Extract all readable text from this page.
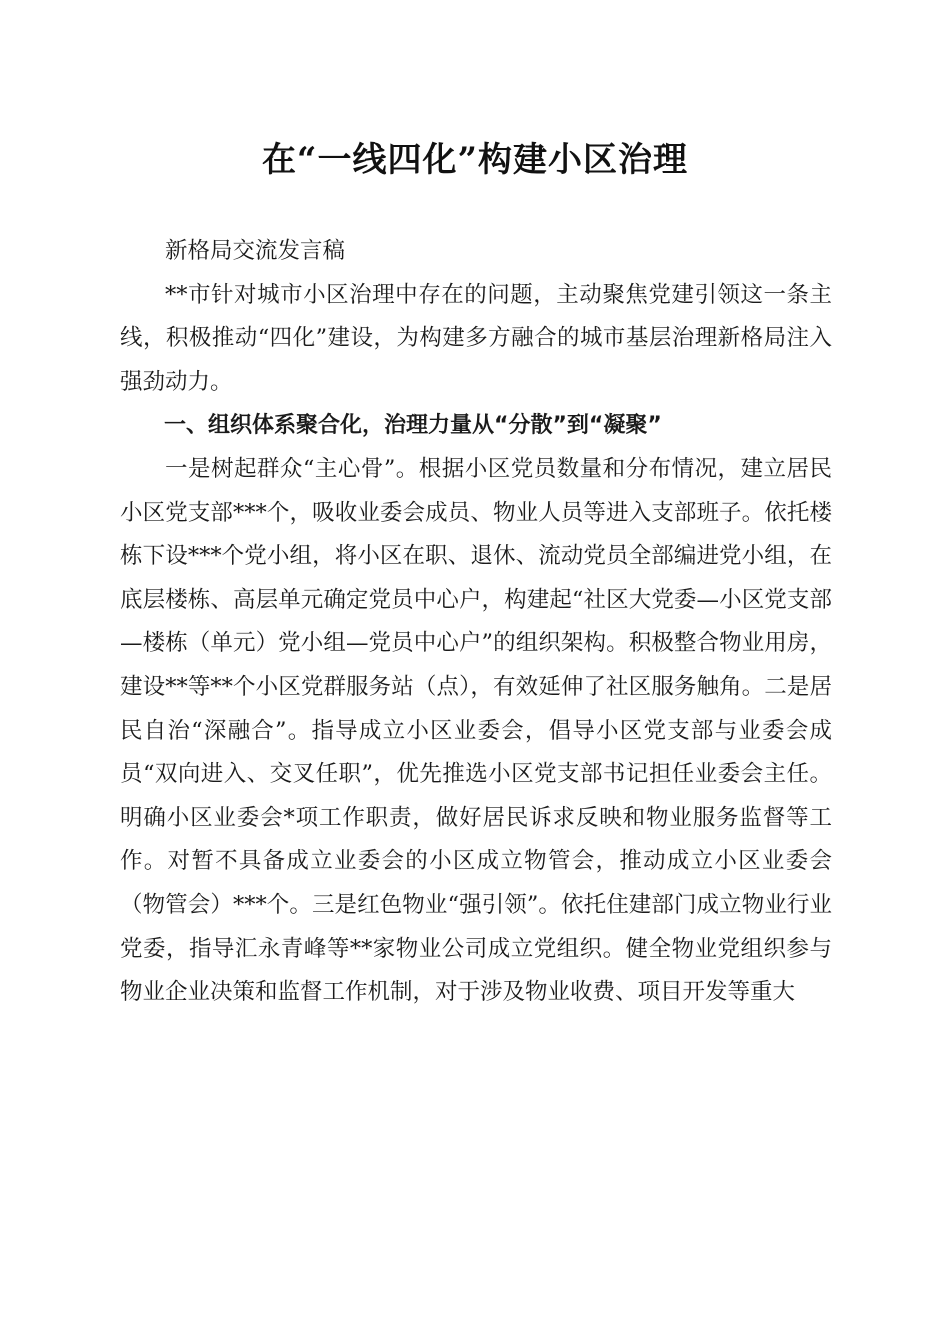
在“一线四化”构建小区治理

新格局交流发言稿

**市针对城市小区治理中存在的问题，主动聚焦党建引领这一条主线，积极推动“四化”建设，为构建多方融合的城市基层治理新格局注入强劲动力。

一、组织体系聚合化，治理力量从“分散”到“凝聚”

一是树起群众“主心骨”。根据小区党员数量和分布情况，建立居民小区党支部***个，吸收业委会成员、物业人员等进入支部班子。依托楼栋下设***个党小组，将小区在职、退休、流动党员全部编进党小组，在底层楼栋、高层单元确定党员中心户，构建起“社区大党委—小区党支部—楼栋（单元）党小组—党员中心户”的组织架构。积极整合物业用房，建设**等**个小区党群服务站（点），有效延伸了社区服务触角。二是居民自治“深融合”。指导成立小区业委会，倡导小区党支部与业委会成员“双向进入、交叉任职”，优先推选小区党支部书记担任业委会主任。明确小区业委会*项工作职责，做好居民诉求反映和物业服务监督等工作。对暂不具备成立业委会的小区成立物管会，推动成立小区业委会（物管会）***个。三是红色物业“强引领”。依托住建部门成立物业行业党委，指导汇永青峰等**家物业公司成立党组织。健全物业党组织参与物业企业决策和监督工作机制，对于涉及物业收费、项目开发等重大
